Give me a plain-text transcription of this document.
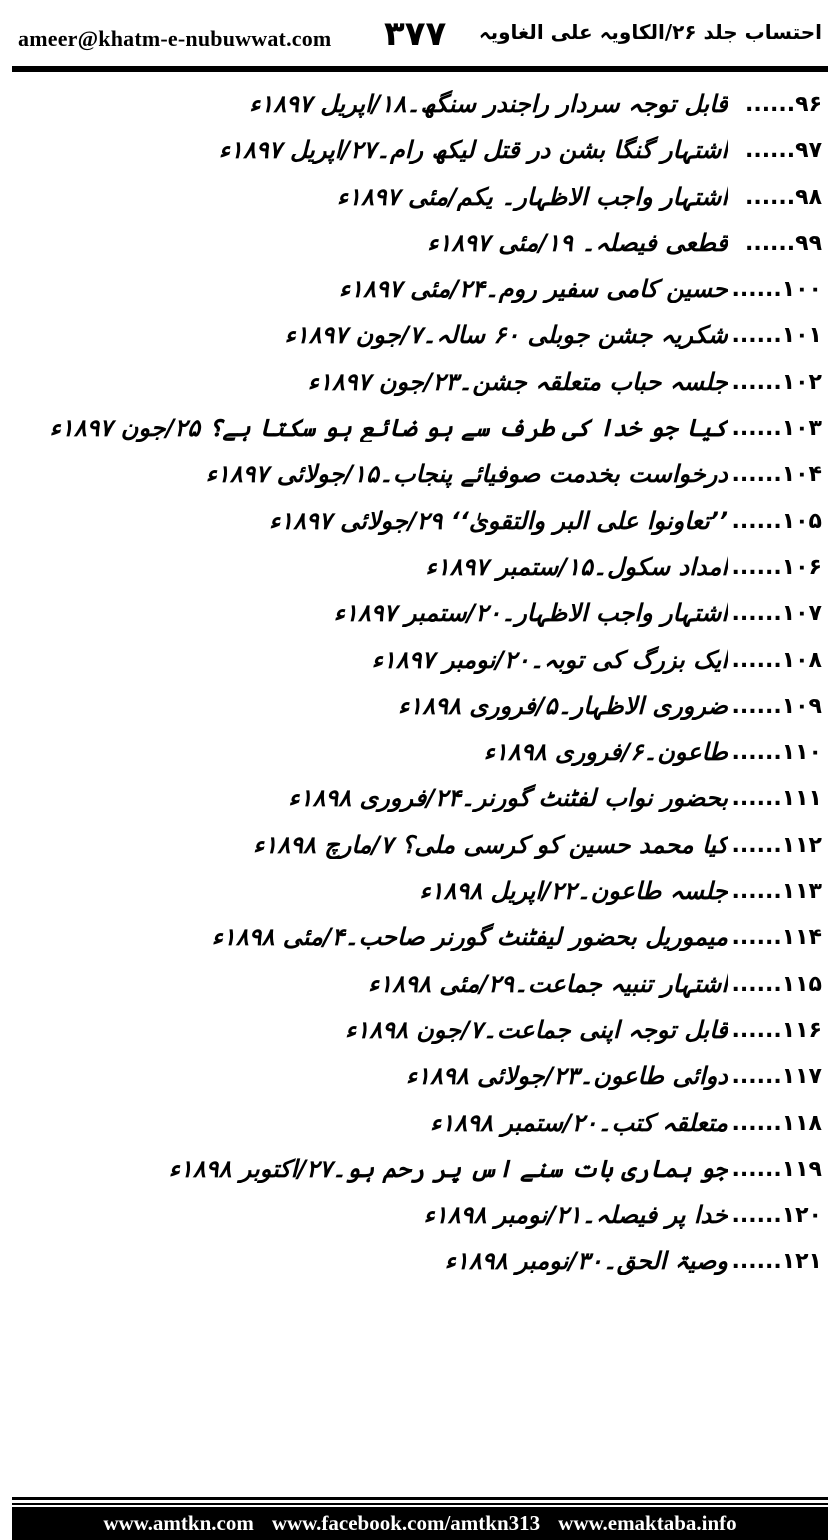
ameer@khatm-e-nubuwwat.com ۳۷۷ احتساب جلد ۲۶/الکاویہ علی الغاویہ
۹۶......
قابل توجہ سردار راجندر سنگھ۔۱۸/اپریل ۱۸۹۷ء
۹۷......
اشتہار گنگا بشن در قتل لیکھ رام۔۲۷/اپریل ۱۸۹۷ء
۹۸......
اشتہار واجب الاظہار۔ یکم/مئی ۱۸۹۷ء
۹۹......
قطعی فیصلہ۔ ۱۹/مئی ۱۸۹۷ء
۱۰۰......
حسین کامی سفیر روم۔۲۴/مئی ۱۸۹۷ء
۱۰۱......
شکریہ جشن جوبلی ۶۰ سالہ۔۷/جون ۱۸۹۷ء
۱۰۲......
جلسہ حباب متعلقہ جشن۔۲۳/جون ۱۸۹۷ء
۱۰۳......
کیا جو خدا کی طرف سے ہو ضائع ہو سکتا ہے؟ ۲۵/جون ۱۸۹۷ء
۱۰۴......
درخواست بخدمت صوفیائے پنجاب۔۱۵/جولائی ۱۸۹۷ء
۱۰۵......
’’تعاونوا علی البر والتقویٰ‘‘ ۲۹/جولائی ۱۸۹۷ء
۱۰۶......
امداد سکول۔۱۵/ستمبر ۱۸۹۷ء
۱۰۷......
اشتہار واجب الاظہار۔۲۰/ستمبر ۱۸۹۷ء
۱۰۸......
ایک بزرگ کی توبہ۔۲۰/نومبر ۱۸۹۷ء
۱۰۹......
ضروری الاظہار۔۵/فروری ۱۸۹۸ء
۱۱۰......
طاعون۔۶/فروری ۱۸۹۸ء
۱۱۱......
بحضور نواب لفٹنٹ گورنر۔۲۴/فروری ۱۸۹۸ء
۱۱۲......
کیا محمد حسین کو کرسی ملی؟ ۷/مارچ ۱۸۹۸ء
۱۱۳......
جلسہ طاعون۔۲۲/اپریل ۱۸۹۸ء
۱۱۴......
میموریل بحضور لیفٹنٹ گورنر صاحب۔۴/مئی ۱۸۹۸ء
۱۱۵......
اشتہار تنبیہ جماعت۔۲۹/مئی ۱۸۹۸ء
۱۱۶......
قابل توجہ اپنی جماعت۔۷/جون ۱۸۹۸ء
۱۱۷......
دوائی طاعون۔۲۳/جولائی ۱۸۹۸ء
۱۱۸......
متعلقہ کتب۔۲۰/ستمبر ۱۸۹۸ء
۱۱۹......
جو ہماری بات سنے اس پر رحم ہو۔۲۷/اکتوبر ۱۸۹۸ء
۱۲۰......
خدا پر فیصلہ۔۲۱/نومبر ۱۸۹۸ء
۱۲۱......
وصیۃ الحق۔۳۰/نومبر ۱۸۹۸ء
www.amtkn.com www.facebook.com/amtkn313 www.emaktaba.info
